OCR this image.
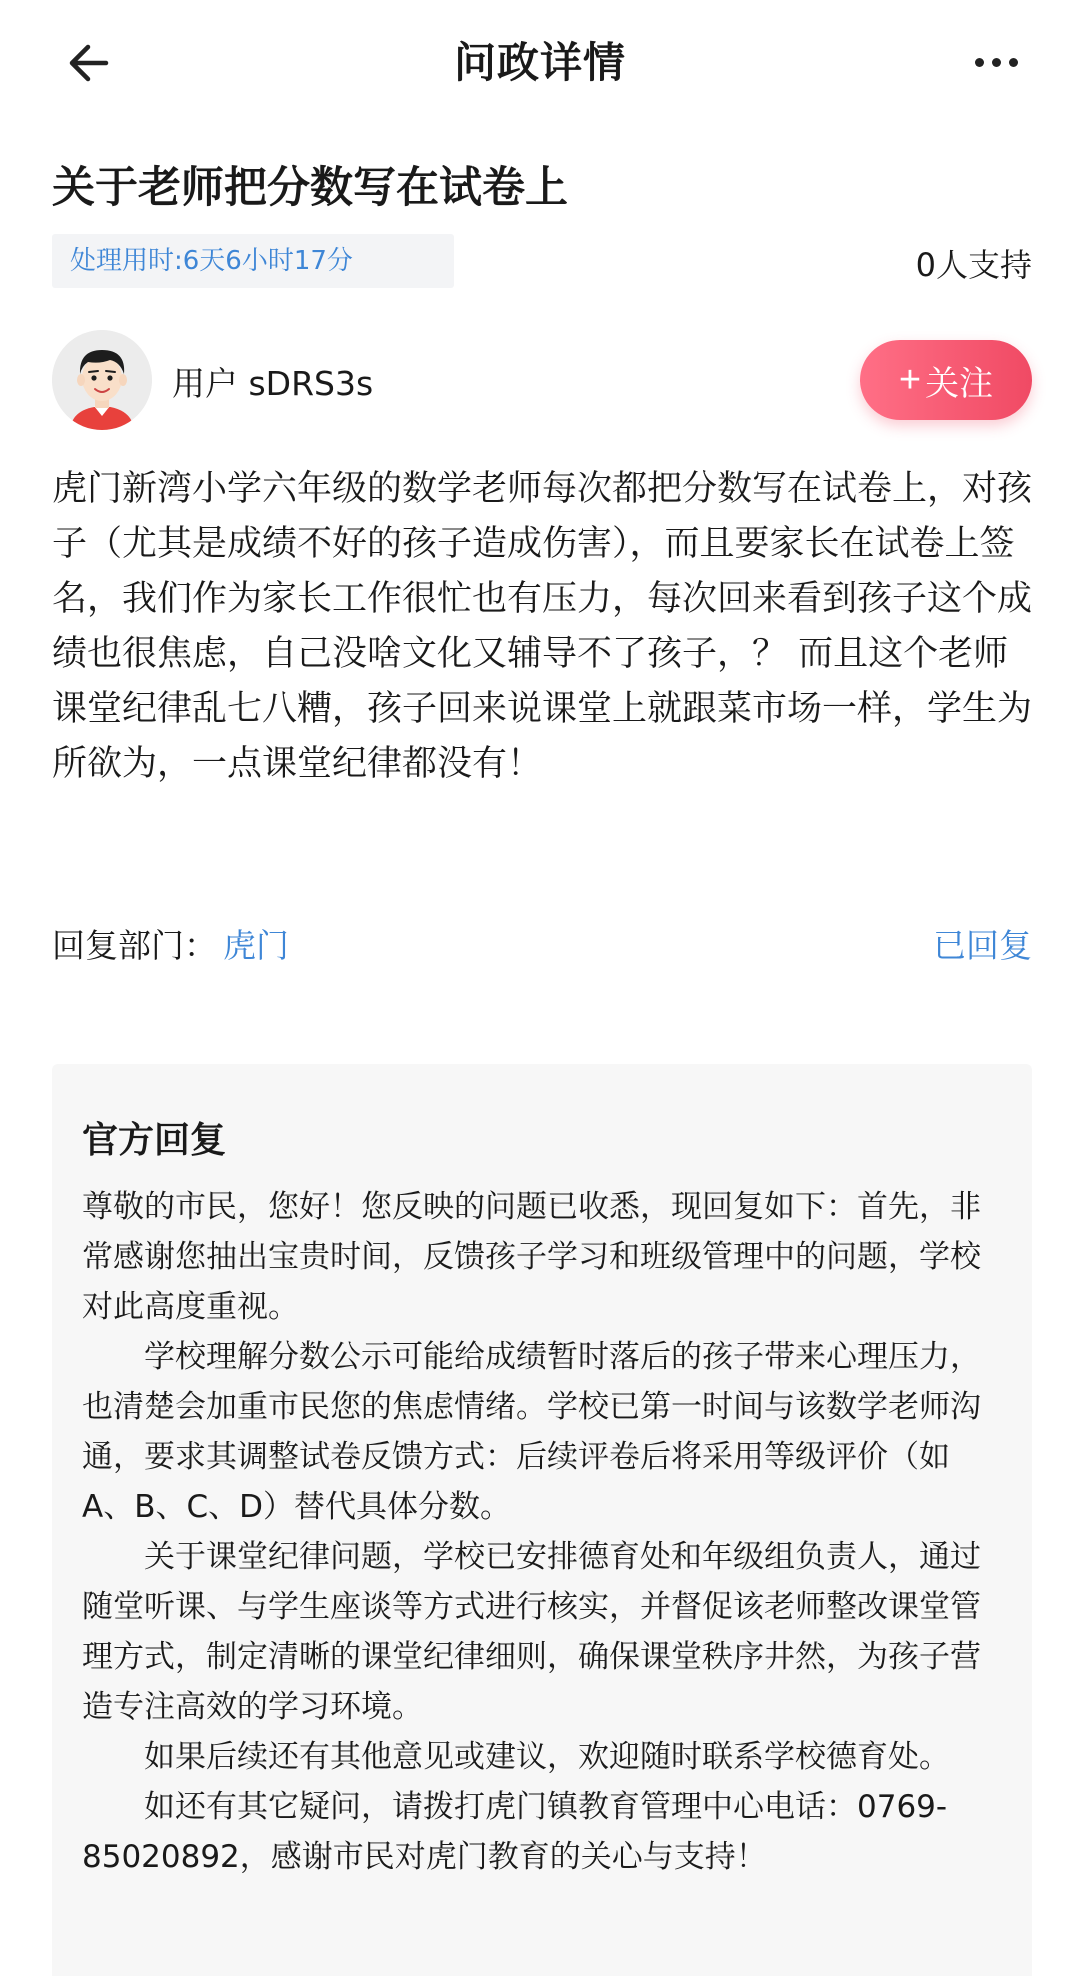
问政详情
关于老师把分数写在试卷上
处理用时:6天6小时17分	0人支持
用户 sDRS3s	+ 关注
虎门新湾小学六年级的数学老师每次都把分数写在试卷上，对孩子（尤其是成绩不好的孩子造成伤害），而且要家长在试卷上签名，我们作为家长工作很忙也有压力，每次回来看到孩子这个成绩也很焦虑，自己没啥文化又辅导不了孩子，？ 而且这个老师课堂纪律乱七八糟，孩子回来说课堂上就跟菜市场一样，学生为所欲为，一点课堂纪律都没有！
回复部门： 虎门	已回复
官方回复

尊敬的市民，您好！您反映的问题已收悉，现回复如下：首先，非常感谢您抽出宝贵时间，反馈孩子学习和班级管理中的问题，学校对此高度重视。

学校理解分数公示可能给成绩暂时落后的孩子带来心理压力，也清楚会加重市民您的焦虑情绪。学校已第一时间与该数学老师沟通，要求其调整试卷反馈方式：后续评卷后将采用等级评价（如A、B、C、D）替代具体分数。

关于课堂纪律问题，学校已安排德育处和年级组负责人，通过随堂听课、与学生座谈等方式进行核实，并督促该老师整改课堂管理方式，制定清晰的课堂纪律细则，确保课堂秩序井然，为孩子营造专注高效的学习环境。

如果后续还有其他意见或建议，欢迎随时联系学校德育处。

如还有其它疑问，请拨打虎门镇教育管理中心电话：0769-85020892，感谢市民对虎门教育的关心与支持！
